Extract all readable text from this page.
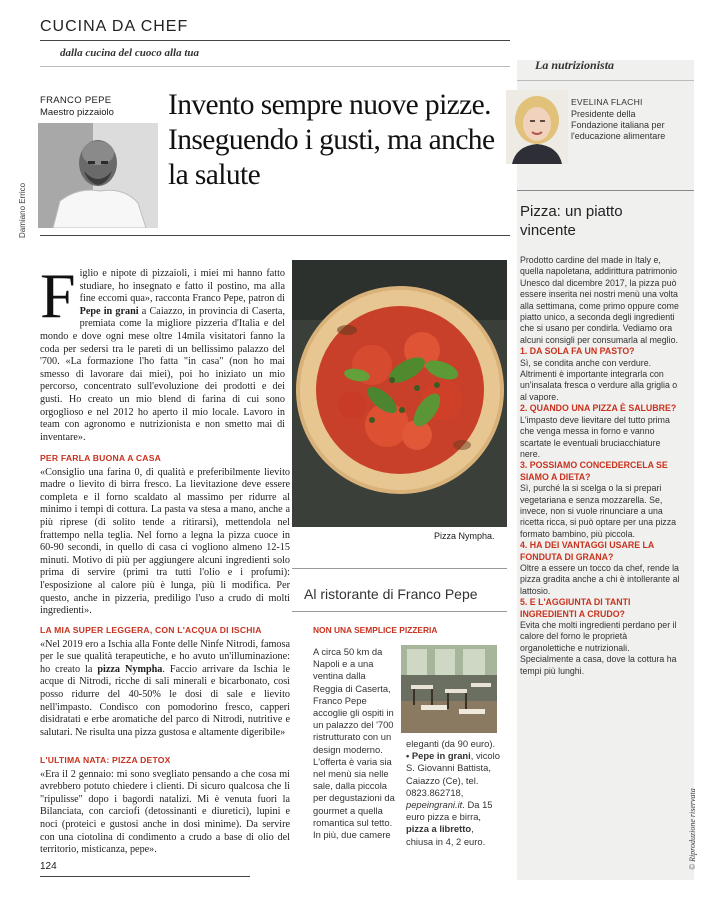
CUCINA DA CHEF
dalla cucina del cuoco alla tua
FRANCO PEPE
Maestro pizzaiolo
Damiano Errico
Invento sempre nuove pizze. Inseguendo i gusti, ma anche la salute
F iglio e nipote di pizzaioli, i miei mi hanno fatto studiare, ho insegnato e fatto il postino, ma alla fine eccomi qua», racconta Franco Pepe, patron di Pepe in grani a Caiazzo, in provincia di Caserta, premiata come la migliore pizzeria d'Italia e del mondo e dove ogni mese oltre 14mila visitatori fanno la coda per sedersi tra le pareti di un bellissimo palazzo del '700. «La formazione l'ho fatta "in casa" (non ho mai smesso di lavorare dai miei), poi ho iniziato un mio percorso, concentrato sull'evoluzione dei prodotti e dei gusti. Ho creato un mio blend di farina di cui sono orgoglioso e nel 2012 ho aperto il mio locale. Lavoro in team con agronomo e nutrizionista e non smetto mai di inventare».
PER FARLA BUONA A CASA
«Consiglio una farina 0, di qualità e preferibilmente lievito madre o lievito di birra fresco. La lievitazione deve essere completa e il forno scaldato al massimo per ridurre al minimo i tempi di cottura. La pasta va stesa a mano, anche a più riprese (di solito tende a ritirarsi), mettendola nel frattempo nella teglia. Nel forno a legna la pizza cuoce in 60-90 secondi, in quello di casa ci vogliono almeno 12-15 minuti. Motivo di più per aggiungere alcuni ingredienti solo prima di servire (primi tra tutti l'olio e i profumi): l'esposizione al calore più è lunga, più li modifica. Per questo, anche in pizzeria, prediligo l'uso a crudo di molti ingredienti».
LA MIA SUPER LEGGERA, CON L'ACQUA DI ISCHIA
«Nel 2019 ero a Ischia alla Fonte delle Ninfe Nitrodi, famosa per le sue qualità terapeutiche, e ho avuto un'illuminazione: ho creato la pizza Nympha. Faccio arrivare da Ischia le acque di Nitrodi, ricche di sali minerali e bicarbonato, così posso ridurre del 40-50% le dosi di sale e lievito nell'impasto. Condisco con pomodorino fresco, capperi disidratati e erbe aromatiche del parco di Nitrodi, nutritive e salutari. Ne risulta una pizza gustosa e altamente digeribile»
L'ULTIMA NATA: PIZZA DETOX
«Era il 2 gennaio: mi sono svegliato pensando a che cosa mi avrebbero potuto chiedere i clienti. Di sicuro qualcosa che li "ripulisse" dopo i bagordi natalizi. Mi è venuta fuori la Bilanciata, con carciofi (detossinanti e diuretici), lupini e noci (proteici e gustosi anche in dosi minime). Da servire con una ciotolina di condimento a crudo a base di olio del territorio, misticanza, pepe».
Pizza Nympha.
Al ristorante di Franco Pepe
NON UNA SEMPLICE PIZZERIA
A circa 50 km da Napoli e a una ventina dalla Reggia di Caserta, Franco Pepe accoglie gli ospiti in un palazzo del '700 ristrutturato con un design moderno. L'offerta è varia sia nel menù sia nelle sale, dalla piccola per degustazioni da gourmet a quella romantica sul tetto. In più, due camere
eleganti (da 90 euro).
• Pepe in grani, vicolo S. Giovanni Battista, Caiazzo (Ce), tel. 0823.862718, pepeingrani.it. Da 15 euro pizza e birra, pizza a libretto, chiusa in 4, 2 euro.
La nutrizionista
EVELINA FLACHI
Presidente della Fondazione italiana per l'educazione alimentare
Pizza: un piatto vincente
Prodotto cardine del made in Italy e, quella napoletana, addirittura patrimonio Unesco dal dicembre 2017, la pizza può essere inserita nei nostri menù una volta alla settimana, come primo oppure come piatto unico, a seconda degli ingredienti che si usano per condirla. Vediamo ora alcuni consigli per consumarla al meglio.
1. DA SOLA FA UN PASTO?
Sì, se condita anche con verdure. Altrimenti è importante integrarla con un'insalata fresca o verdure alla griglia o al vapore.
2. QUANDO UNA PIZZA È SALUBRE?
L'impasto deve lievitare del tutto prima che venga messa in forno e vanno scartate le eventuali bruciacchiature nere.
3. POSSIAMO CONCEDERCELA SE SIAMO A DIETA?
Sì, purché la si scelga o la si prepari vegetariana e senza mozzarella. Se, invece, non si vuole rinunciare a una ricetta ricca, si può optare per una pizza formato bambino, più piccola.
4. HA DEI VANTAGGI USARE LA FONDUTA DI GRANA?
Oltre a essere un tocco da chef, rende la pizza gradita anche a chi è intollerante al lattosio.
5. E L'AGGIUNTA DI TANTI INGREDIENTI A CRUDO?
Evita che molti ingredienti perdano per il calore del forno le proprietà organolettiche e nutrizionali. Specialmente a casa, dove la cottura ha tempi più lunghi.
© Riproduzione riservata
124
